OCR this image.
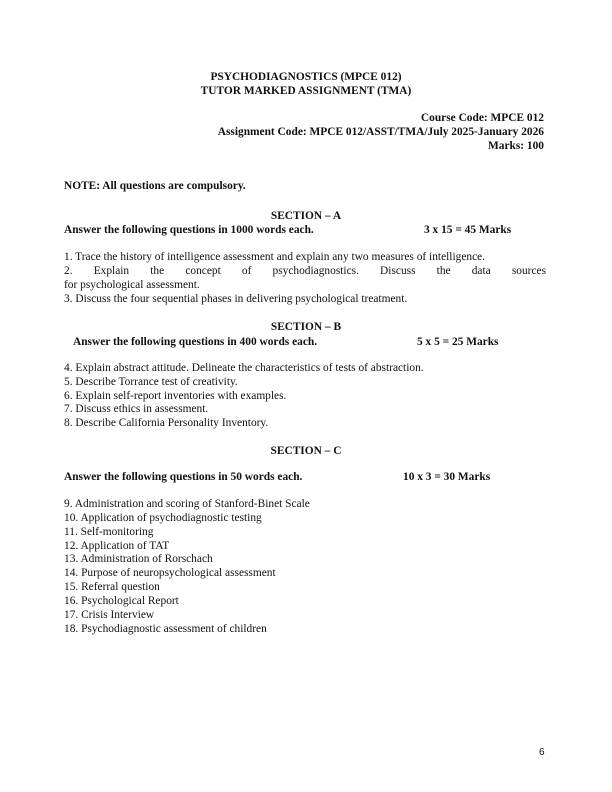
PSYCHODIAGNOSTICS (MPCE 012)
TUTOR MARKED ASSIGNMENT (TMA)
Course Code: MPCE 012
Assignment Code: MPCE 012/ASST/TMA/July 2025-January 2026
Marks: 100
NOTE: All questions are compulsory.
SECTION – A
Answer the following questions in 1000 words each.	3 x 15 = 45 Marks
1. Trace the history of intelligence assessment and explain any two measures of intelligence.
2. Explain the concept of psychodiagnostics. Discuss the data sources
for psychological assessment.
3. Discuss the four sequential phases in delivering psychological treatment.
SECTION – B
Answer the following questions in 400 words each.	5 x 5 = 25 Marks
4. Explain abstract attitude. Delineate the characteristics of tests of abstraction.
5. Describe Torrance test of creativity.
6. Explain self-report inventories with examples.
7. Discuss ethics in assessment.
8. Describe California Personality Inventory.
SECTION – C
Answer the following questions in 50 words each.	10 x 3 = 30 Marks
9. Administration and scoring of Stanford-Binet Scale
10. Application of psychodiagnostic testing
11. Self-monitoring
12. Application of TAT
13. Administration of Rorschach
14. Purpose of neuropsychological assessment
15. Referral question
16. Psychological Report
17. Crisis Interview
18. Psychodiagnostic assessment of children
6
